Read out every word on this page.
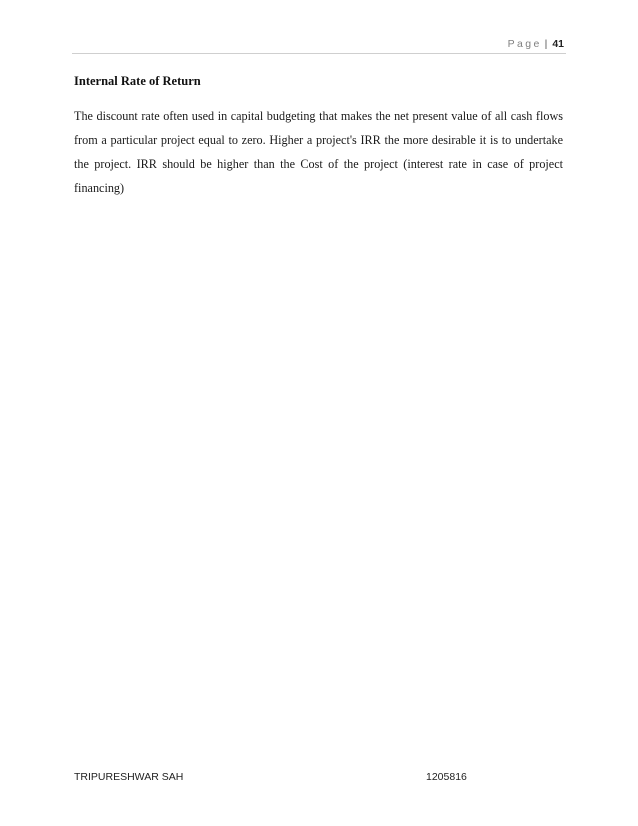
Page | 41
Internal Rate of Return

The discount rate often used in capital budgeting that makes the net present value of all cash flows from a particular project equal to zero. Higher a project's IRR the more desirable it is to undertake the project. IRR should be higher than the Cost of the project (interest rate in case of project financing)

TRIPURESHWAR SAH	1205816
